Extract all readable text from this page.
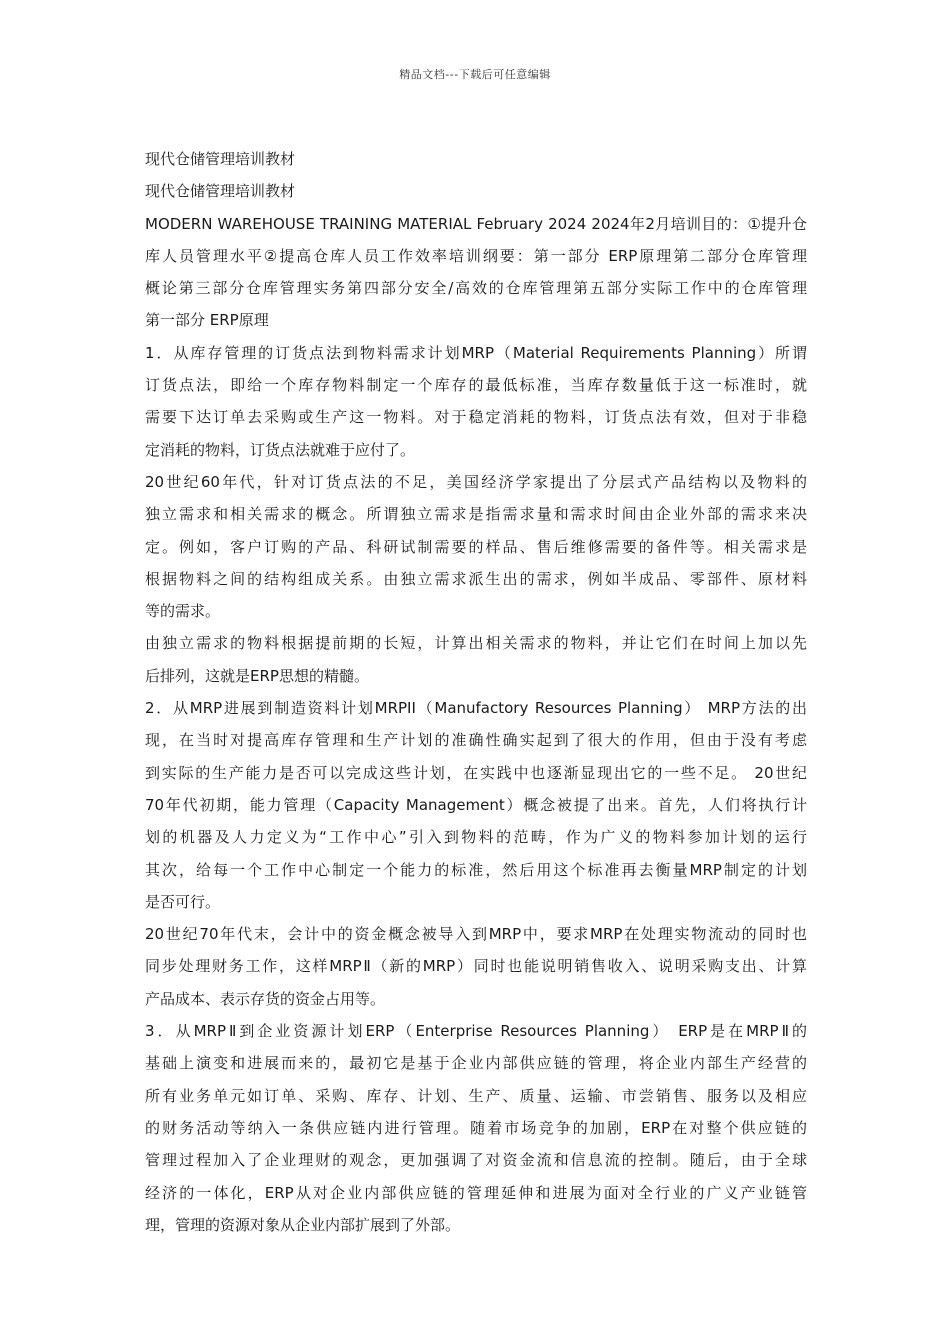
精品文档---下载后可任意编辑
现代仓储管理培训教材
现代仓储管理培训教材
MODERN WAREHOUSE TRAINING MATERIAL February 2024 2024年2月培训目的：①提升仓
库人员管理水平②提高仓库人员工作效率培训纲要：第一部分 ERP原理第二部分仓库管理
概论第三部分仓库管理实务第四部分安全/高效的仓库管理第五部分实际工作中的仓库管理
第一部分 ERP原理
1．从库存管理的订货点法到物料需求计划MRP（Material Requirements Planning）所谓
订货点法，即给一个库存物料制定一个库存的最低标准，当库存数量低于这一标准时，就
需要下达订单去采购或生产这一物料。对于稳定消耗的物料，订货点法有效，但对于非稳
定消耗的物料，订货点法就难于应付了。
20世纪60年代，针对订货点法的不足，美国经济学家提出了分层式产品结构以及物料的
独立需求和相关需求的概念。所谓独立需求是指需求量和需求时间由企业外部的需求来决
定。例如，客户订购的产品、科研试制需要的样品、售后维修需要的备件等。相关需求是
根据物料之间的结构组成关系。由独立需求派生出的需求，例如半成品、零部件、原材料
等的需求。
由独立需求的物料根据提前期的长短，计算出相关需求的物料，并让它们在时间上加以先
后排列，这就是ERP思想的精髓。
2．从MRP进展到制造资料计划MRPII（Manufactory Resources Planning） MRP方法的出
现，在当时对提高库存管理和生产计划的准确性确实起到了很大的作用，但由于没有考虑
到实际的生产能力是否可以完成这些计划，在实践中也逐渐显现出它的一些不足。 20世纪
70年代初期，能力管理（Capacity Management）概念被提了出来。首先，人们将执行计
划的机器及人力定义为“工作中心”引入到物料的范畴，作为广义的物料参加计划的运行
其次，给每一个工作中心制定一个能力的标准，然后用这个标准再去衡量MRP制定的计划
是否可行。
20世纪70年代末，会计中的资金概念被导入到MRP中，要求MRP在处理实物流动的同时也
同步处理财务工作，这样MRPⅡ（新的MRP）同时也能说明销售收入、说明采购支出、计算
产品成本、表示存货的资金占用等。
3．从MRPⅡ到企业资源计划ERP（Enterprise Resources Planning） ERP是在MRPⅡ的
基础上演变和进展而来的，最初它是基于企业内部供应链的管理，将企业内部生产经营的
所有业务单元如订单、采购、库存、计划、生产、质量、运输、市尝销售、服务以及相应
的财务活动等纳入一条供应链内进行管理。随着市场竞争的加剧，ERP在对整个供应链的
管理过程加入了企业理财的观念，更加强调了对资金流和信息流的控制。随后，由于全球
经济的一体化，ERP从对企业内部供应链的管理延伸和进展为面对全行业的广义产业链管
理，管理的资源对象从企业内部扩展到了外部。
